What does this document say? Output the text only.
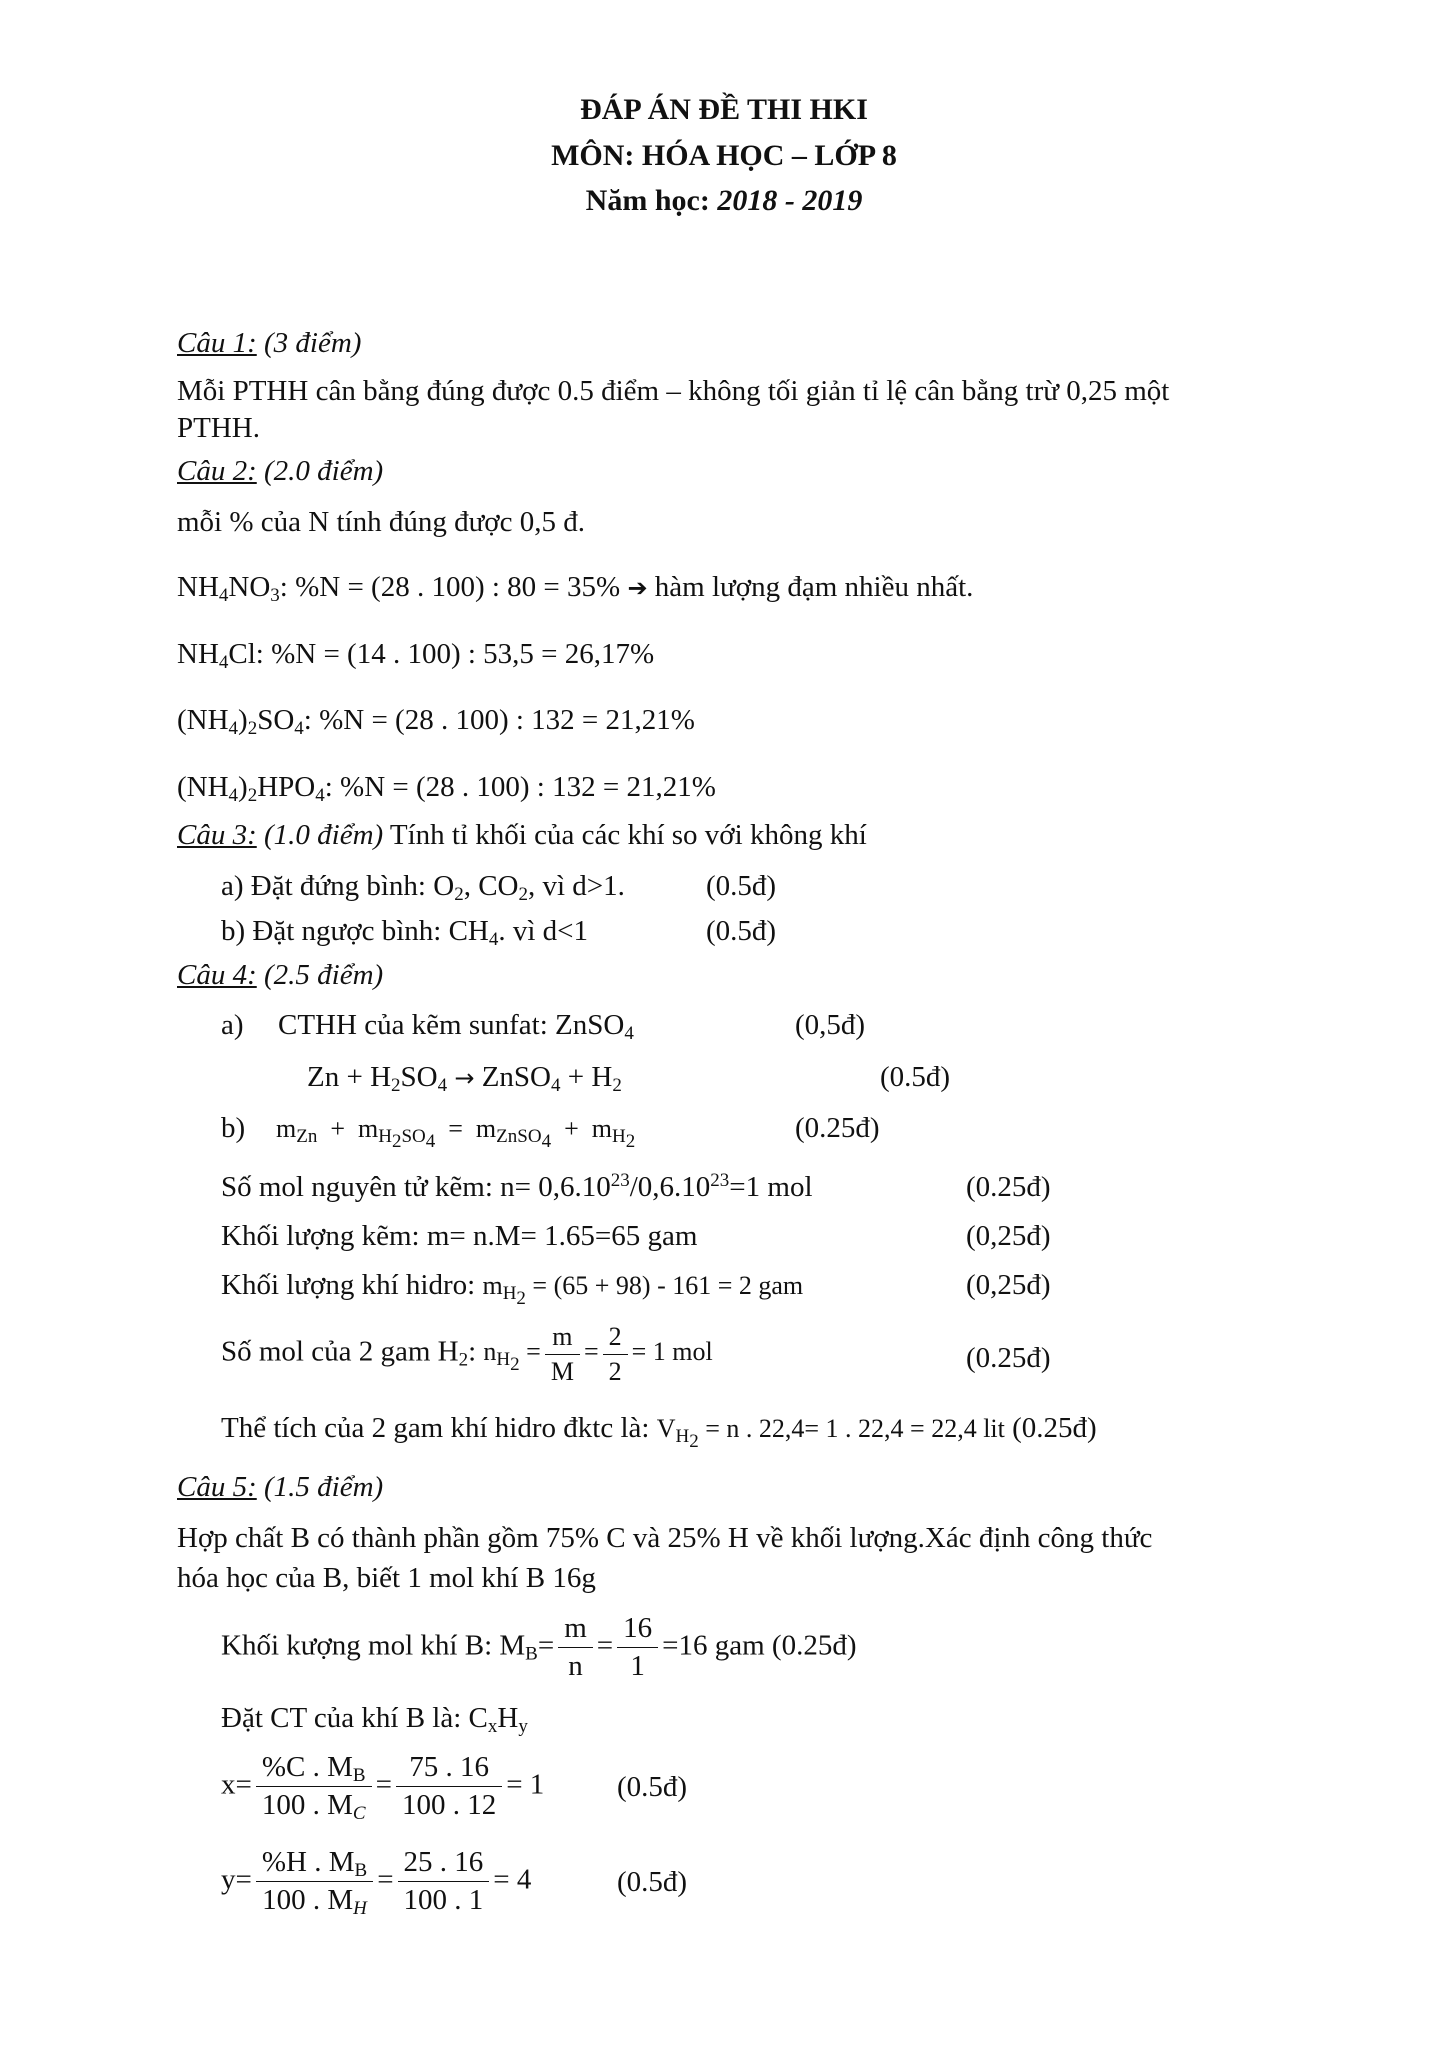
ĐÁP ÁN ĐỀ THI HKI
MÔN: HÓA HỌC – LỚP 8
Năm học: 2018 - 2019
Câu 1: (3 điểm)
Mỗi PTHH cân bằng đúng được 0.5 điểm – không tối giản tỉ lệ cân bằng trừ 0,25 một
PTHH.
Câu 2: (2.0 điểm)
mỗi % của N tính đúng được 0,5 đ.
$NH_4NO_3$: %N = (28 . 100) : 80 = 35% ➔ hàm lượng đạm nhiều nhất.
$NH_4Cl$: %N = (14 . 100) : 53,5 = 26,17%
$(NH_4)_2SO_4$: %N = (28 . 100) : 132 = 21,21%
$(NH_4)_2HPO_4$: %N = (28 . 100) : 132 = 21,21%
Câu 3: (1.0 điểm) Tính tỉ khối của các khí so với không khí
a) Đặt đứng bình: $O_2$, $CO_2$, vì d>1.	(0.5đ)
b) Đặt ngược bình: $CH_4$. vì d<1	(0.5đ)
Câu 4: (2.5 điểm)
a) CTHH của kẽm sunfat: ZnSO$_4$	(0,5đ)
$Zn + H_2SO_4$ → ZnSO$_4$ + $H_2$	(0.5đ)
b) $m_{Zn} + m_{H_2SO_4} = m_{ZnSO_4} + m_{H_2}$	(0.25đ)
Số mol nguyên tử kẽm: $n= 0,6.10^{23}/0,6.10^{23}=1$ mol	(0.25đ)
Khối lượng kẽm: m= n.M= 1.65=65 gam	(0,25đ)
Khối lượng khí hidro: $m_{H_2} = (65 + 98) - 161 = 2$ gam	(0,25đ)
Số mol của 2 gam $H_2$: $n_{H_2} = \frac{m}{M} = \frac{2}{2} = 1$ mol	(0.25đ)
Thể tích của 2 gam khí hidro đktc là: $V_{H_2} = n$ . 22,4= 1 . 22,4 = 22,4 lit (0.25đ)
Câu 5: (1.5 điểm)
Hợp chất B có thành phần gồm 75% C và 25% H về khối lượng.Xác định công thức
hóa học của B, biết 1 mol khí B 16g
Khối kượng mol khí B: $M_B= \frac{m}{n} = \frac{16}{1} =16$ gam (0.25đ)
Đặt CT của khí B là: $C_xH_y$
$x= \frac{\%C . M_B}{100 . M_C} = \frac{75 . 16}{100 . 12} = 1$	(0.5đ)
$y= \frac{\%H . M_B}{100 . M_H} = \frac{25 . 16}{100 . 1} = 4$	(0.5đ)
